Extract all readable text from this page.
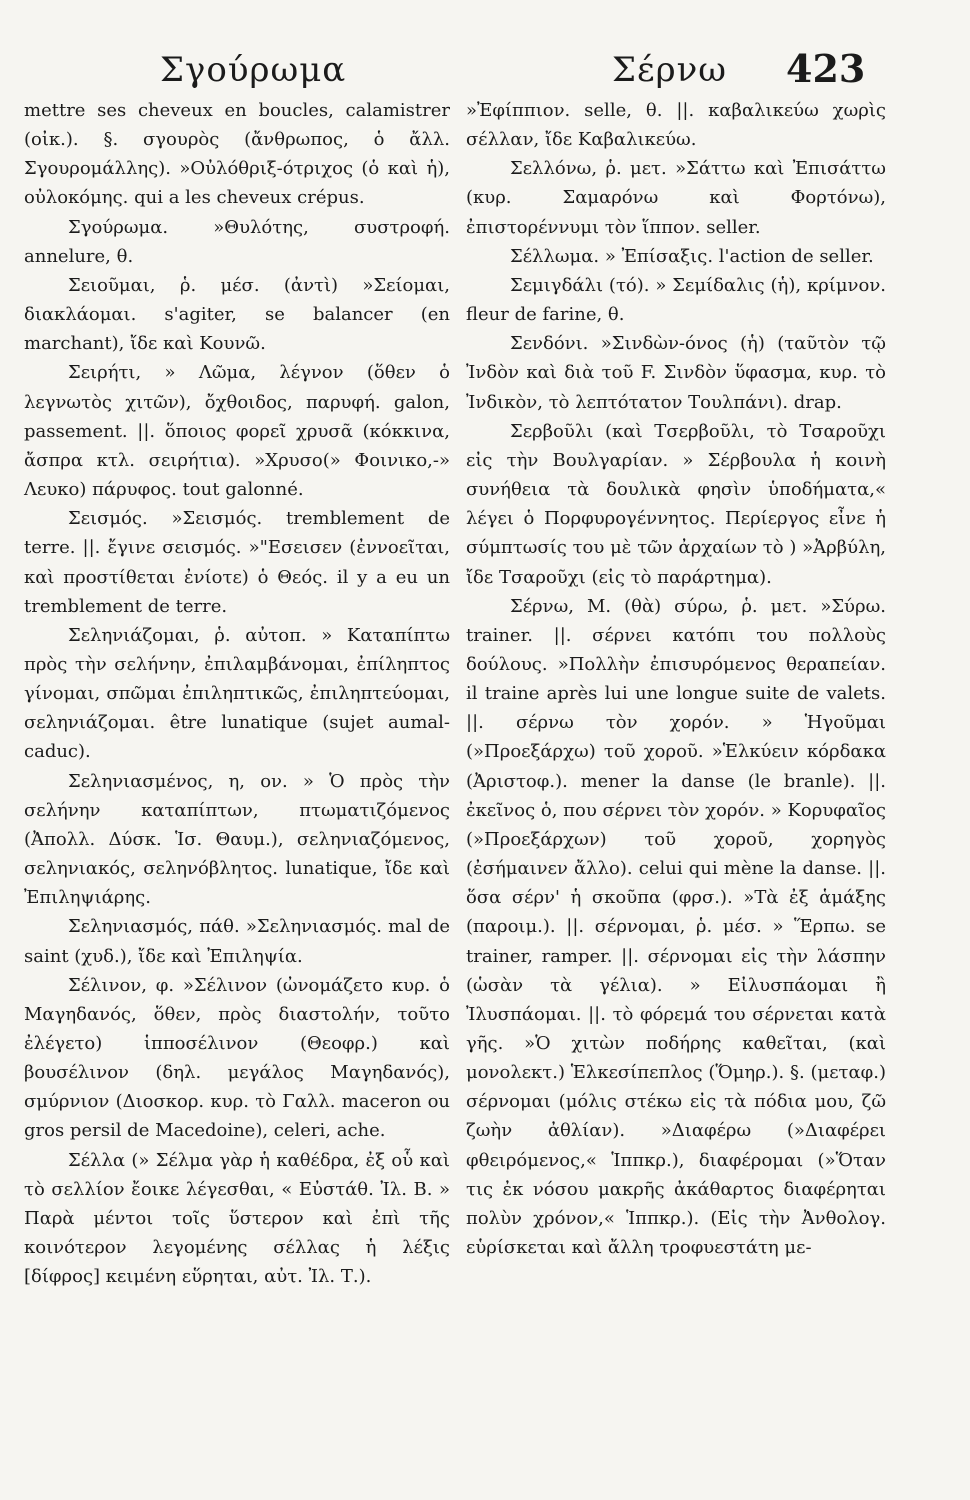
Σγούρωμα	Σέρνω 423

mettre ses cheveux en boucles, calamistrer (οἰκ.). §. σγουρὸς (ἄνθρωπος, ὁ ἄλλ. Σγουρομάλλης). »Οὐλόθριξ-ότριχος (ὁ καὶ ἡ), οὐλοκόμης. qui a les cheveux crépus.

Σγούρωμα. »Θυλότης, συστροφή. annelure, θ.

Σειοῦμαι, ῥ. μέσ. (ἀντὶ) »Σείομαι, διακλάομαι. s'agiter, se balancer (en marchant), ἴδε καὶ Κουνῶ.

Σειρήτι, » Λῶμα, λέγνον (ὅθεν ὁ λεγνωτὸς χιτῶν), ὄχθοιδος, παρυφή. galon, passement. ||. ὅποιος φορεῖ χρυσᾶ (κόκκινα, ἄσπρα κτλ. σειρήτια). »Χρυσο(» Φοινικο,-» Λευκο) πάρυφος. tout galonné.

Σεισμός. »Σεισμός. tremblement de terre. ||. ἔγινε σεισμός. »"Εσεισεν (ἐννοεῖται, καὶ προστίθεται ἐνίοτε) ὁ Θεός. il y a eu un tremblement de terre.

Σεληνιάζομαι, ῥ. αὐτοπ. » Καταπίπτω πρὸς τὴν σελήνην, ἐπιλαμβάνομαι, ἐπίληπτος γίνομαι, σπῶμαι ἐπιληπτικῶς, ἐπιληπτεύομαι, σεληνιάζομαι. être lunatique (sujet aumal-caduc).

Σεληνιασμένος, η, ον. » Ὁ πρὸς τὴν σελήνην καταπίπτων, πτωματιζόμενος (Ἀπολλ. Δύσκ. Ἱσ. Θαυμ.), σεληνιαζόμενος, σεληνιακός, σεληνόβλητος. lunatique, ἴδε καὶ Ἐπιληψιάρης.

Σεληνιασμός, πάθ. »Σεληνιασμός. mal de saint (χυδ.), ἴδε καὶ Ἐπιληψία.

Σέλινον, φ. »Σέλινον (ὠνομάζετο κυρ. ὁ Μαγηδανός, ὅθεν, πρὸς διαστολήν, τοῦτο ἐλέγετο) ἱπποσέλινον (Θεοφρ.) καὶ βουσέλινον (δηλ. μεγάλος Μαγηδανός), σμύρνιον (Διοσκορ. κυρ. τὸ Γαλλ. maceron ou gros persil de Macedoine), celeri, ache.

Σέλλα (» Σέλμα γὰρ ἡ καθέδρα, ἐξ οὗ καὶ τὸ σελλίον ἔοικε λέγεσθαι, « Εὐστάθ. Ἰλ. Β. » Παρὰ μέντοι τοῖς ὕστερον καὶ ἐπὶ τῆς κοινότερον λεγομένης σέλλας ἡ λέξις [δίφρος] κειμένη εὕρηται, αὐτ. Ἰλ. Τ.).

»Ἐφίππιον. selle, θ. ||. καβαλικεύω χωρὶς σέλλαν, ἴδε Καβαλικεύω.

Σελλόνω, ῥ. μετ. »Σάττω καὶ Ἐπισάττω (κυρ. Σαμαρόνω καὶ Φορτόνω), ἐπιστορέννυμι τὸν ἵππον. seller.

Σέλλωμα. » Ἐπίσαξις. l'action de seller.

Σεμιγδάλι (τό). » Σεμίδαλις (ἡ), κρίμνον. fleur de farine, θ.

Σενδόνι. »Σινδὼν-όνος (ἡ) (ταῦτὸν τῷ Ἰνδὸν καὶ διὰ τοῦ F. Σινδὸν ὕφασμα, κυρ. τὸ Ἰνδικὸν, τὸ λεπτότατον Τουλπάνι). drap.

Σερβοῦλι (καὶ Τσερβοῦλι, τὸ Τσαροῦχι εἰς τὴν Βουλγαρίαν. » Σέρβουλα ἡ κοινὴ συνήθεια τὰ δουλικὰ φησὶν ὑποδήματα,« λέγει ὁ Πορφυρογέννητος. Περίεργος εἶνε ἡ σύμπτωσίς του μὲ τῶν ἀρχαίων τὸ ) »Ἀρβύλη, ἴδε Τσαρoῦχι (εἰς τὸ παράρτημα).

Σέρνω, Μ. (θὰ) σύρω, ῥ. μετ. »Σύρω. trainer. ||. σέρνει κατόπι του πολλοὺς δούλους. »Πολλὴν ἐπισυρόμενος θεραπείαν. il traine après lui une longue suite de valets. ||. σέρνω τὸν χορόν. » Ἡγοῦμαι (»Προεξάρχω) τοῦ χοροῦ. »Ἑλκύειν κόρδακα (Ἀριστοφ.). mener la danse (le branle). ||. ἐκεῖνος ὁ, που σέρνει τὸν χορόν. » Κορυφαῖος (»Προεξάρχων) τοῦ χοροῦ, χορηγὸς (ἐσήμαινεν ἄλλο). celui qui mène la danse. ||. ὅσα σέρν' ἡ σκοῦπα (φρσ.). »Τὰ ἐξ ἁμάξης (παροιμ.). ||. σέρνομαι, ῥ. μέσ. » Ἕρπω. se trainer, ramper. ||. σέρνομαι εἰς τὴν λάσπην (ὡσὰν τὰ γέλια). » Εἰλυσπάομαι ἢ Ἰλυσπάομαι. ||. τὸ φόρεμά του σέρνεται κατὰ γῆς. »Ὁ χιτὼν ποδήρης καθεῖται, (καὶ μονολεκτ.) Ἑλκεσίπεπλος (Ὅμηρ.). §. (μεταφ.) σέρνομαι (μόλις στέκω εἰς τὰ πόδια μου, ζῶ ζωὴν ἀθλίαν). »Διαφέρω (»Διαφέρει φθειρόμενος,« Ἱππκρ.), διαφέρομαι (»Ὅταν τις ἐκ νόσου μακρῆς ἀκάθαρτος διαφέρηται πολὺν χρόνον,« Ἱππκρ.). (Εἰς τὴν Ἀνθολογ. εὑρίσκεται καὶ ἄλλη τροφυεστάτη με-
